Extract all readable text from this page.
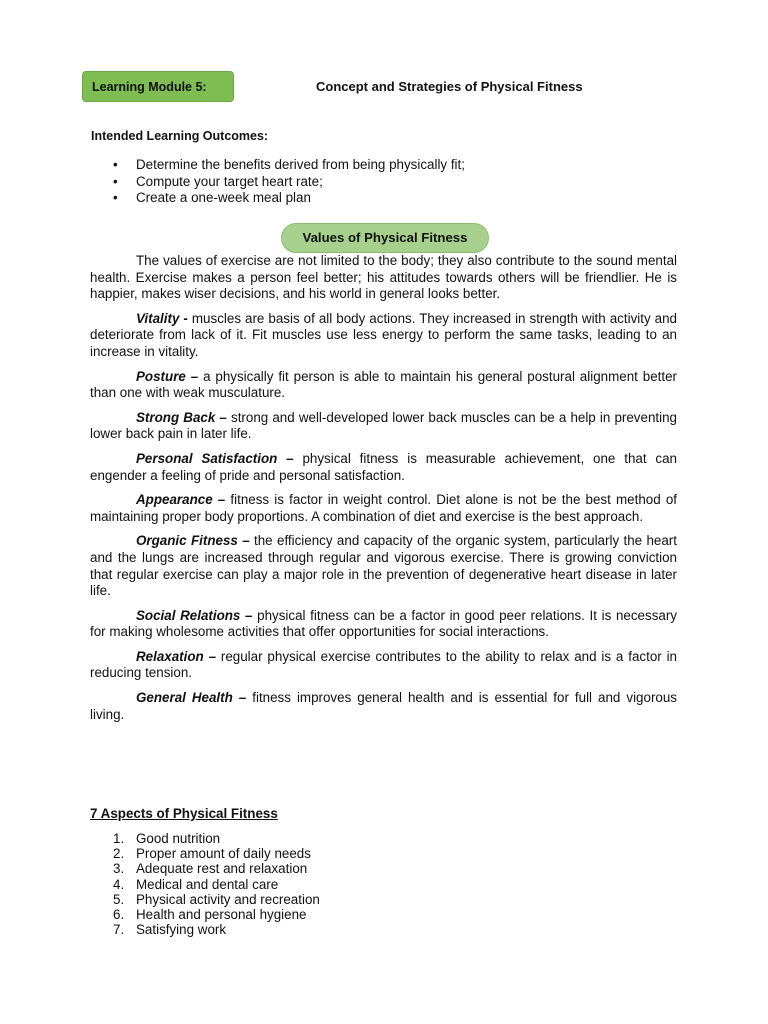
Learning Module 5:	Concept and Strategies of Physical Fitness
Intended Learning Outcomes:
• Determine the benefits derived from being physically fit;
• Compute your target heart rate;
• Create a one-week meal plan
Values of Physical Fitness

The values of exercise are not limited to the body; they also contribute to the sound mental health. Exercise makes a person feel better; his attitudes towards others will be friendlier. He is happier, makes wiser decisions, and his world in general looks better.

Vitality - muscles are basis of all body actions. They increased in strength with activity and deteriorate from lack of it. Fit muscles use less energy to perform the same tasks, leading to an increase in vitality.

Posture – a physically fit person is able to maintain his general postural alignment better than one with weak musculature.

Strong Back – strong and well-developed lower back muscles can be a help in preventing lower back pain in later life.

Personal Satisfaction – physical fitness is measurable achievement, one that can engender a feeling of pride and personal satisfaction.

Appearance – fitness is factor in weight control. Diet alone is not be the best method of maintaining proper body proportions. A combination of diet and exercise is the best approach.

Organic Fitness – the efficiency and capacity of the organic system, particularly the heart and the lungs are increased through regular and vigorous exercise. There is growing conviction that regular exercise can play a major role in the prevention of degenerative heart disease in later life.

Social Relations – physical fitness can be a factor in good peer relations. It is necessary for making wholesome activities that offer opportunities for social interactions.

Relaxation – regular physical exercise contributes to the ability to relax and is a factor in reducing tension.

General Health – fitness improves general health and is essential for full and vigorous living.

7 Aspects of Physical Fitness
1. Good nutrition
2. Proper amount of daily needs
3. Adequate rest and relaxation
4. Medical and dental care
5. Physical activity and recreation
6. Health and personal hygiene
7. Satisfying work
